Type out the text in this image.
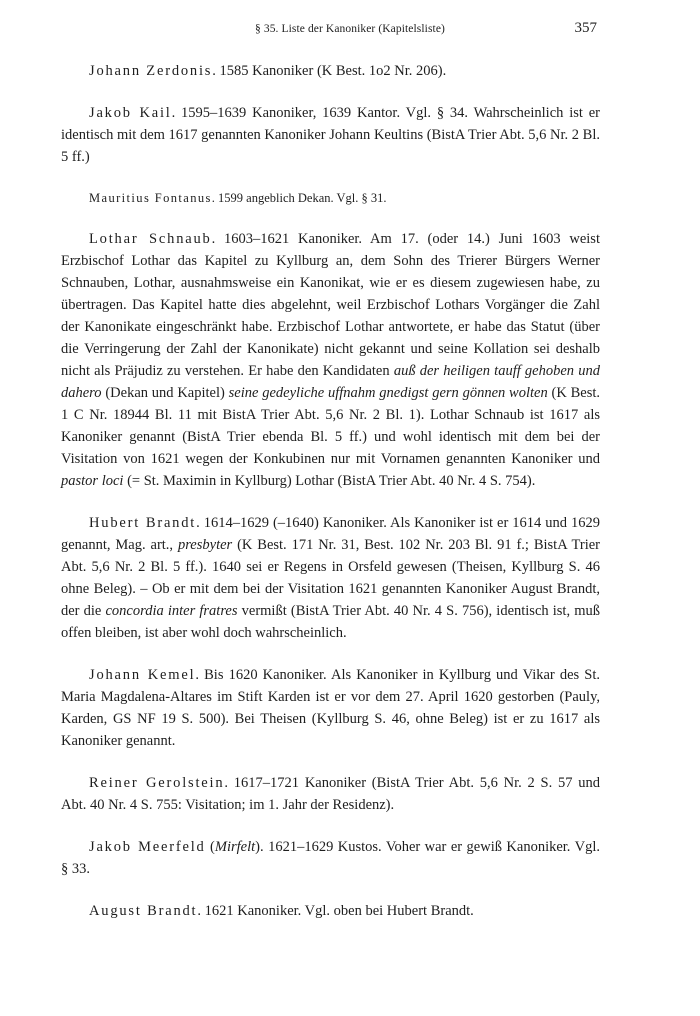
§ 35. Liste der Kanoniker (Kapitelsliste)	357

Johann Zerdonis. 1585 Kanoniker (K Best. 1o2 Nr. 206).

Jakob Kail. 1595–1639 Kanoniker, 1639 Kantor. Vgl. § 34. Wahrscheinlich ist er identisch mit dem 1617 genannten Kanoniker Johann Keultins (BistA Trier Abt. 5,6 Nr. 2 Bl. 5 ff.)

Mauritius Fontanus. 1599 angeblich Dekan. Vgl. § 31.

Lothar Schnaub. 1603–1621 Kanoniker. Am 17. (oder 14.) Juni 1603 weist Erzbischof Lothar das Kapitel zu Kyllburg an, dem Sohn des Trierer Bürgers Werner Schnauben, Lothar, ausnahmsweise ein Kanonikat, wie er es diesem zugewiesen habe, zu übertragen. Das Kapitel hatte dies abgelehnt, weil Erzbischof Lothars Vorgänger die Zahl der Kanonikate eingeschränkt habe. Erzbischof Lothar antwortete, er habe das Statut (über die Verringerung der Zahl der Kanonikate) nicht gekannt und seine Kollation sei deshalb nicht als Präjudiz zu verstehen. Er habe den Kandidaten auß der heiligen tauff gehoben und dahero (Dekan und Kapitel) seine gedeyliche uffnahm gnedigst gern gönnen wolten (K Best. 1 C Nr. 18944 Bl. 11 mit BistA Trier Abt. 5,6 Nr. 2 Bl. 1). Lothar Schnaub ist 1617 als Kanoniker genannt (BistA Trier ebenda Bl. 5 ff.) und wohl identisch mit dem bei der Visitation von 1621 wegen der Konkubinen nur mit Vornamen genannten Kanoniker und pastor loci (= St. Maximin in Kyllburg) Lothar (BistA Trier Abt. 40 Nr. 4 S. 754).

Hubert Brandt. 1614–1629 (–1640) Kanoniker. Als Kanoniker ist er 1614 und 1629 genannt, Mag. art., presbyter (K Best. 171 Nr. 31, Best. 102 Nr. 203 Bl. 91 f.; BistA Trier Abt. 5,6 Nr. 2 Bl. 5 ff.). 1640 sei er Regens in Orsfeld gewesen (Theisen, Kyllburg S. 46 ohne Beleg). – Ob er mit dem bei der Visitation 1621 genannten Kanoniker August Brandt, der die concordia inter fratres vermißt (BistA Trier Abt. 40 Nr. 4 S. 756), identisch ist, muß offen bleiben, ist aber wohl doch wahrscheinlich.

Johann Kemel. Bis 1620 Kanoniker. Als Kanoniker in Kyllburg und Vikar des St. Maria Magdalena-Altares im Stift Karden ist er vor dem 27. April 1620 gestorben (Pauly, Karden, GS NF 19 S. 500). Bei Theisen (Kyllburg S. 46, ohne Beleg) ist er zu 1617 als Kanoniker genannt.

Reiner Gerolstein. 1617–1721 Kanoniker (BistA Trier Abt. 5,6 Nr. 2 S. 57 und Abt. 40 Nr. 4 S. 755: Visitation; im 1. Jahr der Residenz).

Jakob Meerfeld (Mirfelt). 1621–1629 Kustos. Voher war er gewiß Kanoniker. Vgl. § 33.

August Brandt. 1621 Kanoniker. Vgl. oben bei Hubert Brandt.
